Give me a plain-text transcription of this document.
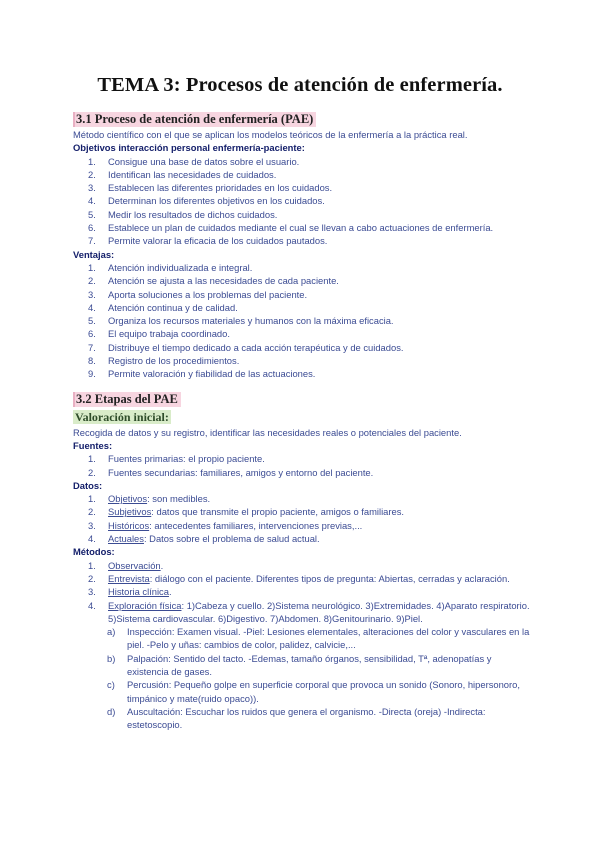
TEMA 3: Procesos de atención de enfermería.
3.1 Proceso de atención de enfermería (PAE)

Método científico con el que se aplican los modelos teóricos de la enfermería a la práctica real.

Objetivos interacción personal enfermería-paciente:

1.	Consigue una base de datos sobre el usuario.
2.	Identifican las necesidades de cuidados.
3.	Establecen las diferentes prioridades en los cuidados.
4.	Determinan los diferentes objetivos en los cuidados.
5.	Medir los resultados de dichos cuidados.
6.	Establece un plan de cuidados mediante el cual se llevan a cabo actuaciones de enfermería.
7.	Permite valorar la eficacia de los cuidados pautados.

Ventajas:

1.	Atención individualizada e integral.
2.	Atención se ajusta a las necesidades de cada paciente.
3.	Aporta soluciones a los problemas del paciente.
4.	Atención continua y de calidad.
5.	Organiza los recursos materiales y humanos con la máxima eficacia.
6.	El equipo trabaja coordinado.
7.	Distribuye el tiempo dedicado a cada acción terapéutica y de cuidados.
8.	Registro de los procedimientos.
9.	Permite valoración y fiabilidad de las actuaciones.
3.2 Etapas del PAE
Valoración inicial:

Recogida de datos y su registro, identificar las necesidades reales o potenciales del paciente.

Fuentes:

1.	Fuentes primarias: el propio paciente.
2.	Fuentes secundarias: familiares, amigos y entorno del paciente.

Datos:

1.	Objetivos: son medibles.
2.	Subjetivos: datos que transmite el propio paciente, amigos o familiares.
3.	Históricos: antecedentes familiares, intervenciones previas,...
4.	Actuales: Datos sobre el problema de salud actual.

Métodos:

1.	Observación.
2.	Entrevista: diálogo con el paciente. Diferentes tipos de pregunta: Abiertas, cerradas y aclaración.
3.	Historia clínica.
4.	Exploración física: 1)Cabeza y cuello. 2)Sistema neurológico. 3)Extremidades. 4)Aparato respiratorio. 5)Sistema cardiovascular. 6)Digestivo. 7)Abdomen. 8)Genitourinario. 9)Piel.
a) Inspección: Examen visual. -Piel: Lesiones elementales, alteraciones del color y vasculares en la piel. -Pelo y uñas: cambios de color, palidez, calvicie,...
b) Palpación: Sentido del tacto. -Edemas, tamaño órganos, sensibilidad, Tª, adenopatías y existencia de gases.
c) Percusión: Pequeño golpe en superficie corporal que provoca un sonido (Sonoro, hipersonoro, timpánico y mate(ruido opaco)).
d) Auscultación: Escuchar los ruidos que genera el organismo. -Directa (oreja) -Indirecta: estetoscopio.
